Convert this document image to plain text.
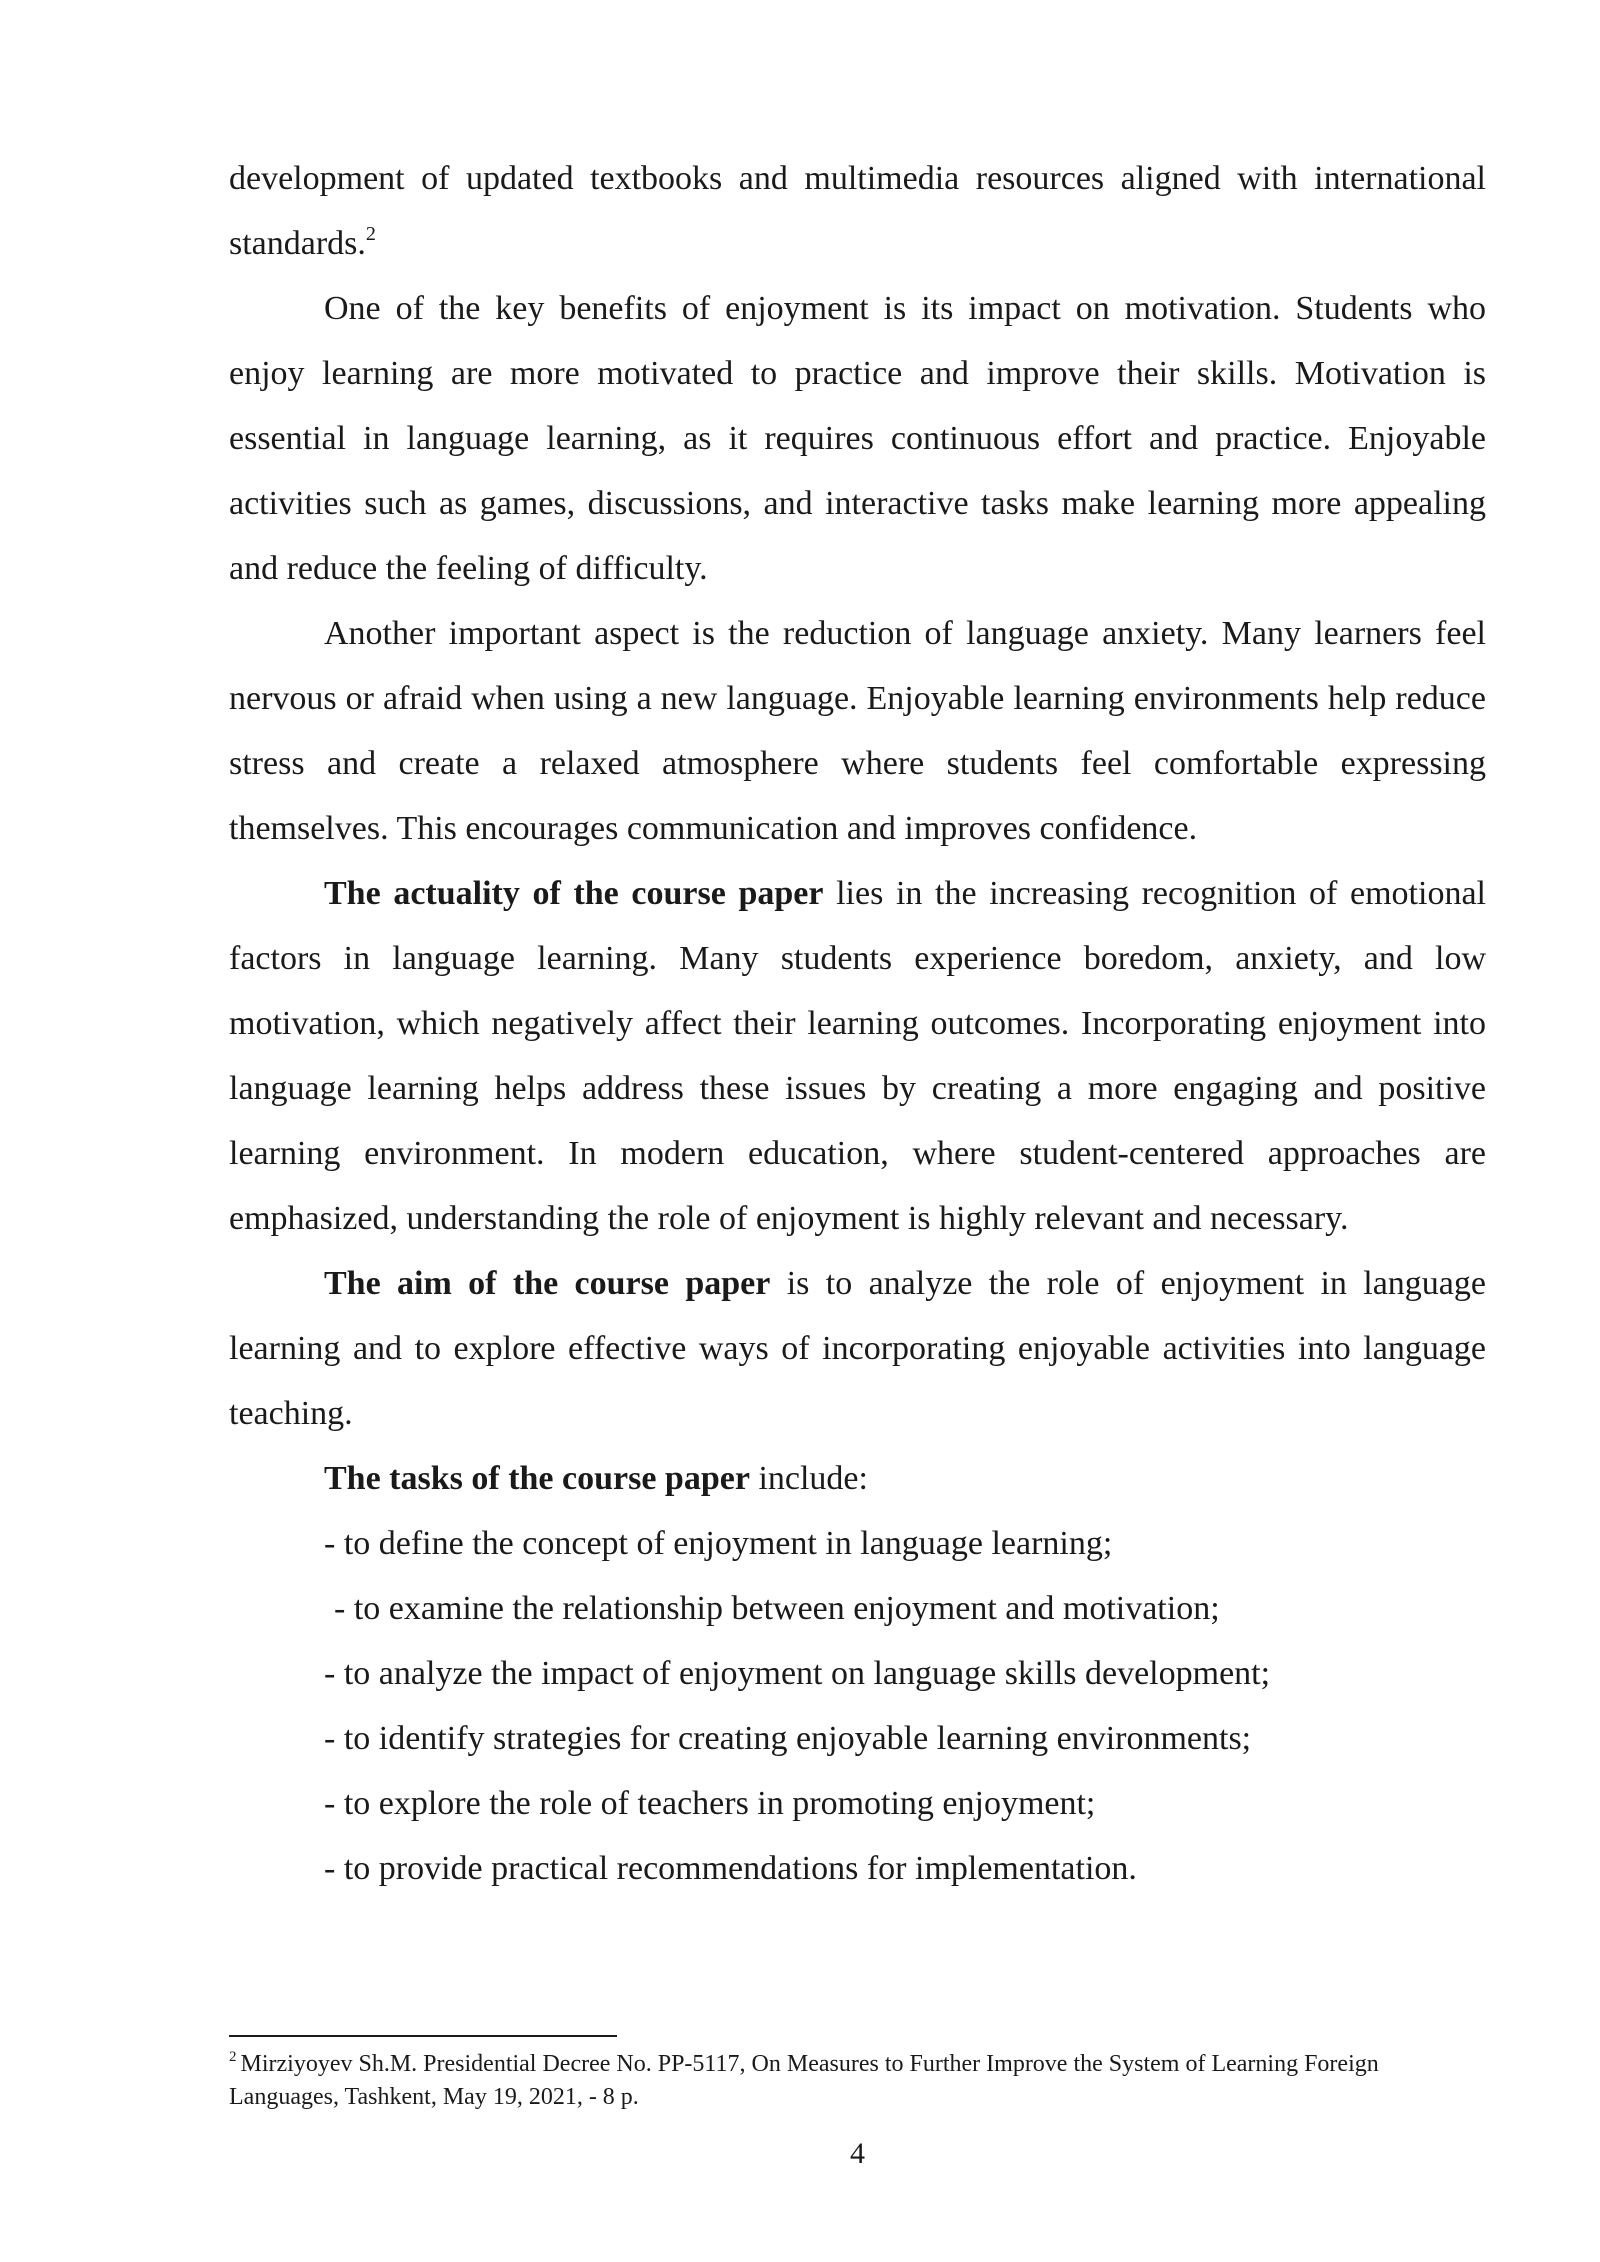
development of updated textbooks and multimedia resources aligned with international standards.$^2$

One of the key benefits of enjoyment is its impact on motivation. Students who enjoy learning are more motivated to practice and improve their skills. Motivation is essential in language learning, as it requires continuous effort and practice. Enjoyable activities such as games, discussions, and interactive tasks make learning more appealing and reduce the feeling of difficulty.

Another important aspect is the reduction of language anxiety. Many learners feel nervous or afraid when using a new language. Enjoyable learning environments help reduce stress and create a relaxed atmosphere where students feel comfortable expressing themselves. This encourages communication and improves confidence.

The actuality of the course paper lies in the increasing recognition of emotional factors in language learning. Many students experience boredom, anxiety, and low motivation, which negatively affect their learning outcomes. Incorporating enjoyment into language learning helps address these issues by creating a more engaging and positive learning environment. In modern education, where student-centered approaches are emphasized, understanding the role of enjoyment is highly relevant and necessary.

The aim of the course paper is to analyze the role of enjoyment in language learning and to explore effective ways of incorporating enjoyable activities into language teaching.

The tasks of the course paper include:

- to define the concept of enjoyment in language learning;
- to examine the relationship between enjoyment and motivation;
- to analyze the impact of enjoyment on language skills development;
- to identify strategies for creating enjoyable learning environments;
- to explore the role of teachers in promoting enjoyment;
- to provide practical recommendations for implementation.

$^2$ Mirziyoyev Sh.M. Presidential Decree No. PP-5117, On Measures to Further Improve the System of Learning Foreign Languages, Tashkent, May 19, 2021, - 8 p.

4
